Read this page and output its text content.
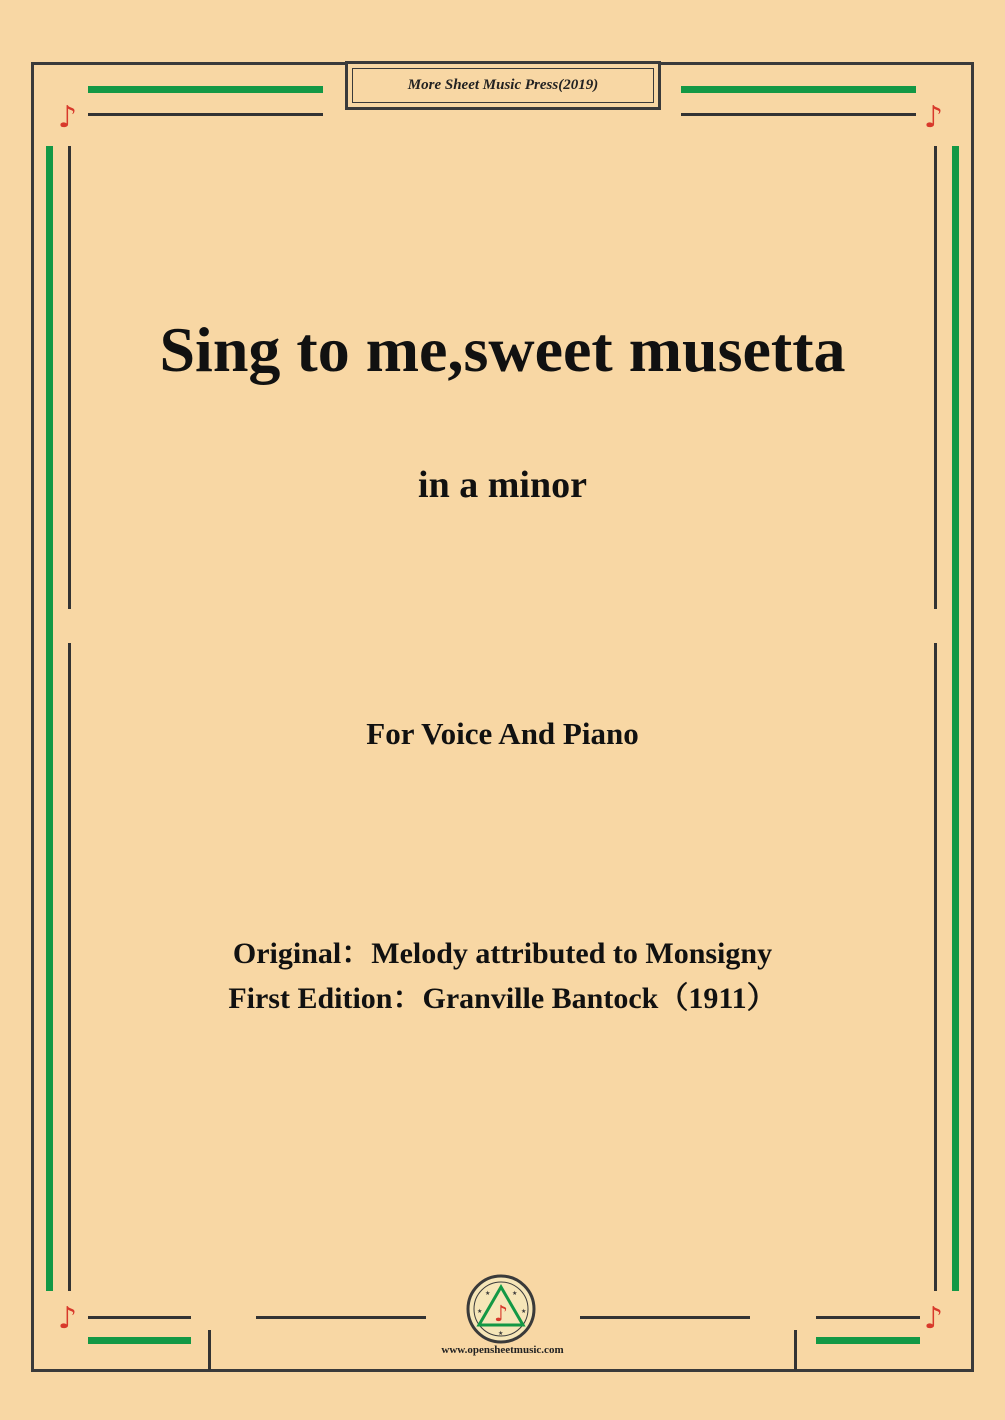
More Sheet Music Press(2019)
♪	♪
♪	♪
Sing to me,sweet musetta
in a minor
For Voice And Piano
Original：Melody attributed to Monsigny
First Edition：Granville Bantock（1911）
♪
★	★
★	★
★
www.opensheetmusic.com
